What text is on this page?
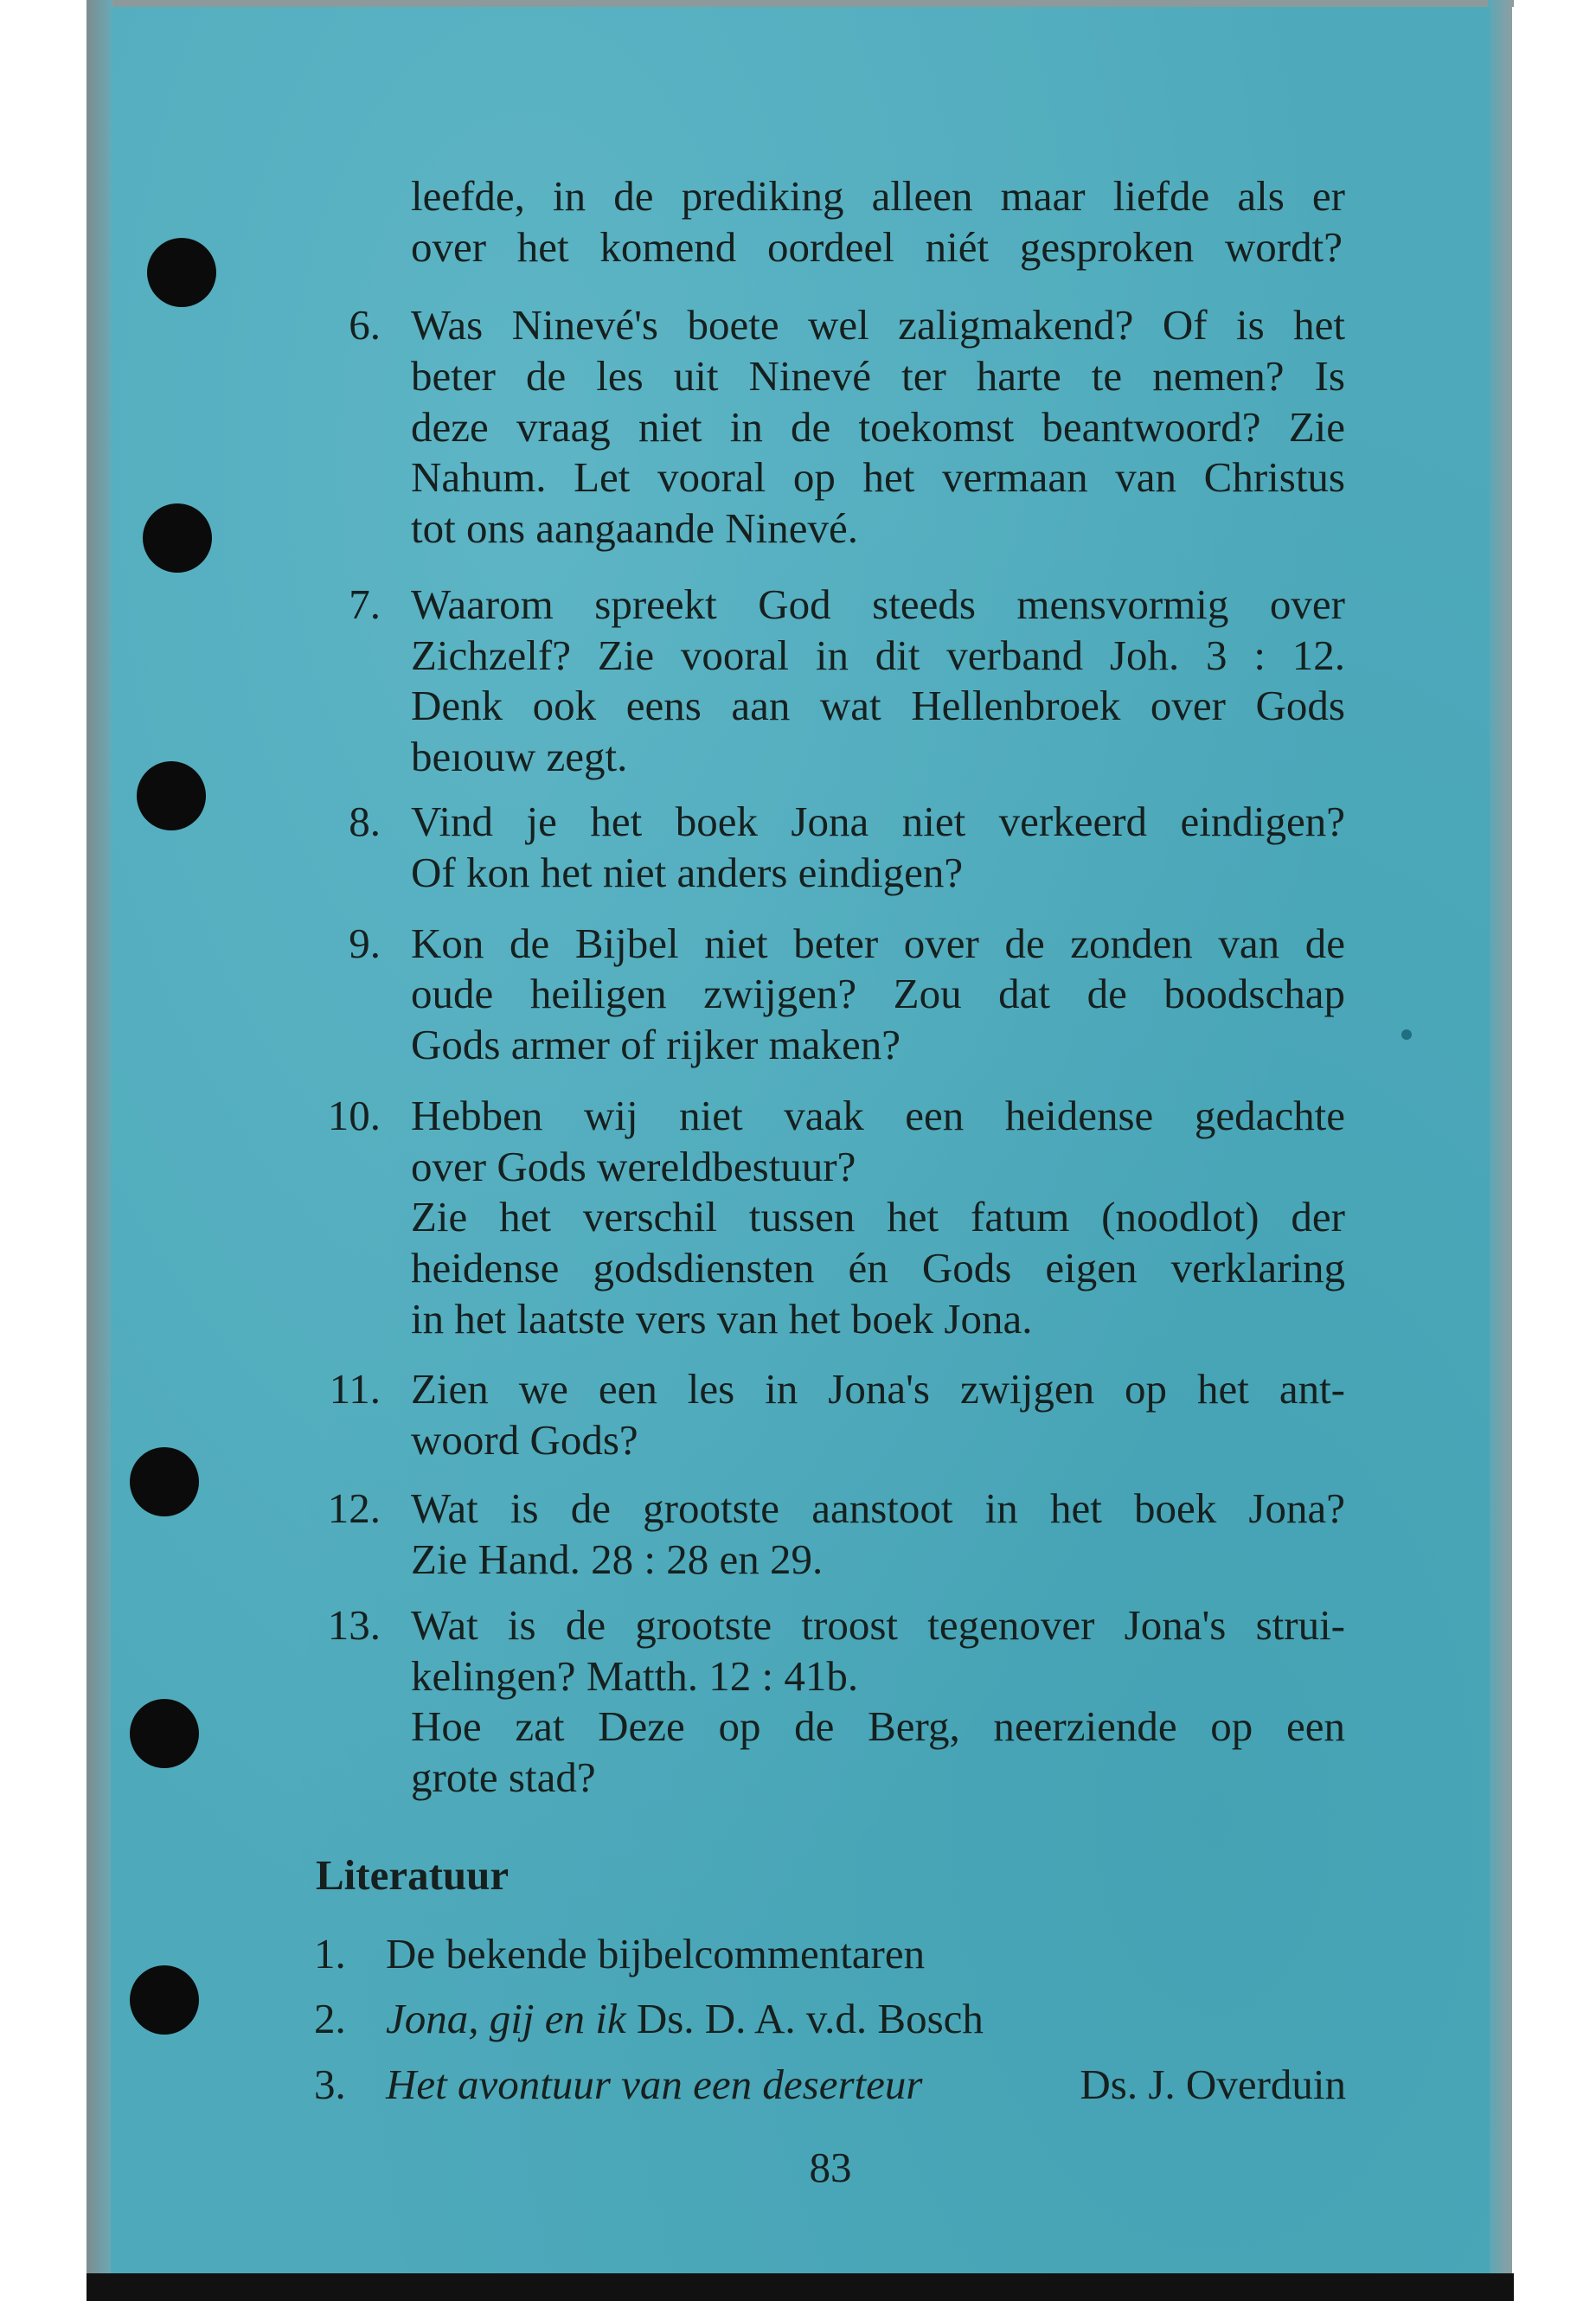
leefde, in de prediking alleen maar liefde als er
over het komend oordeel niét gesproken wordt?
6. Was Ninevé's boete wel zaligmakend? Of is het
beter de les uit Ninevé ter harte te nemen? Is
deze vraag niet in de toekomst beantwoord? Zie
Nahum. Let vooral op het vermaan van Christus
tot ons aangaande Ninevé.
7. Waarom spreekt God steeds mensvormig over
Zichzelf? Zie vooral in dit verband Joh. 3 : 12.
Denk ook eens aan wat Hellenbroek over Gods
beıouw zegt.
8. Vind je het boek Jona niet verkeerd eindigen?
Of kon het niet anders eindigen?
9. Kon de Bijbel niet beter over de zonden van de
oude heiligen zwijgen? Zou dat de boodschap
Gods armer of rijker maken?
10. Hebben wij niet vaak een heidense gedachte
over Gods wereldbestuur?
Zie het verschil tussen het fatum (noodlot) der
heidense godsdiensten én Gods eigen verklaring
in het laatste vers van het boek Jona.
11. Zien we een les in Jona's zwijgen op het ant-
woord Gods?
12. Wat is de grootste aanstoot in het boek Jona?
Zie Hand. 28 : 28 en 29.
13. Wat is de grootste troost tegenover Jona's strui-
kelingen? Matth. 12 : 41b.
Hoe zat Deze op de Berg, neerziende op een
grote stad?
Literatuur
1. De bekende bijbelcommentaren
2. Jona, gij en ik Ds. D. A. v.d. Bosch
3. Het avontuur van een deserteur	Ds. J. Overduin
83
